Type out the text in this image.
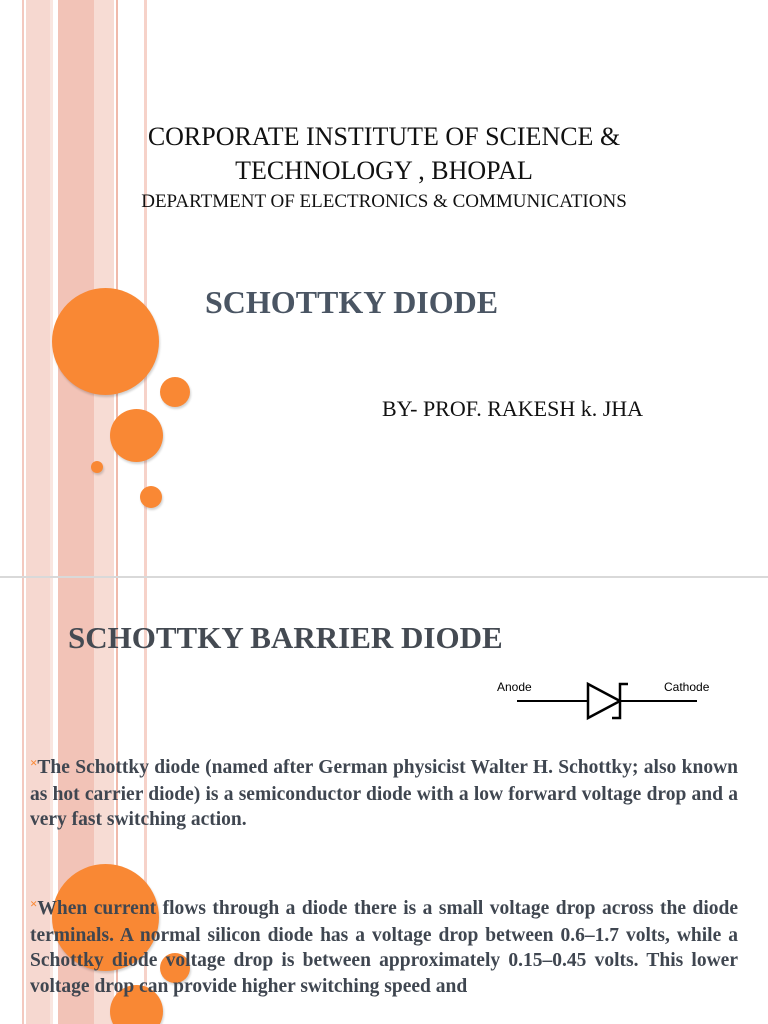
CORPORATE INSTITUTE OF SCIENCE &
TECHNOLOGY , BHOPAL
DEPARTMENT OF ELECTRONICS & COMMUNICATIONS
SCHOTTKY DIODE
BY- PROF. RAKESH k. JHA
SCHOTTKY BARRIER DIODE
Anode	Cathode
×The Schottky diode (named after German physicist Walter H. Schottky; also known as hot carrier diode) is a semiconductor diode with a low forward voltage drop and a very fast switching action.
×When current flows through a diode there is a small voltage drop across the diode terminals. A normal silicon diode has a voltage drop between 0.6–1.7 volts, while a Schottky diode voltage drop is between approximately 0.15–0.45 volts. This lower voltage drop can provide higher switching speed and
